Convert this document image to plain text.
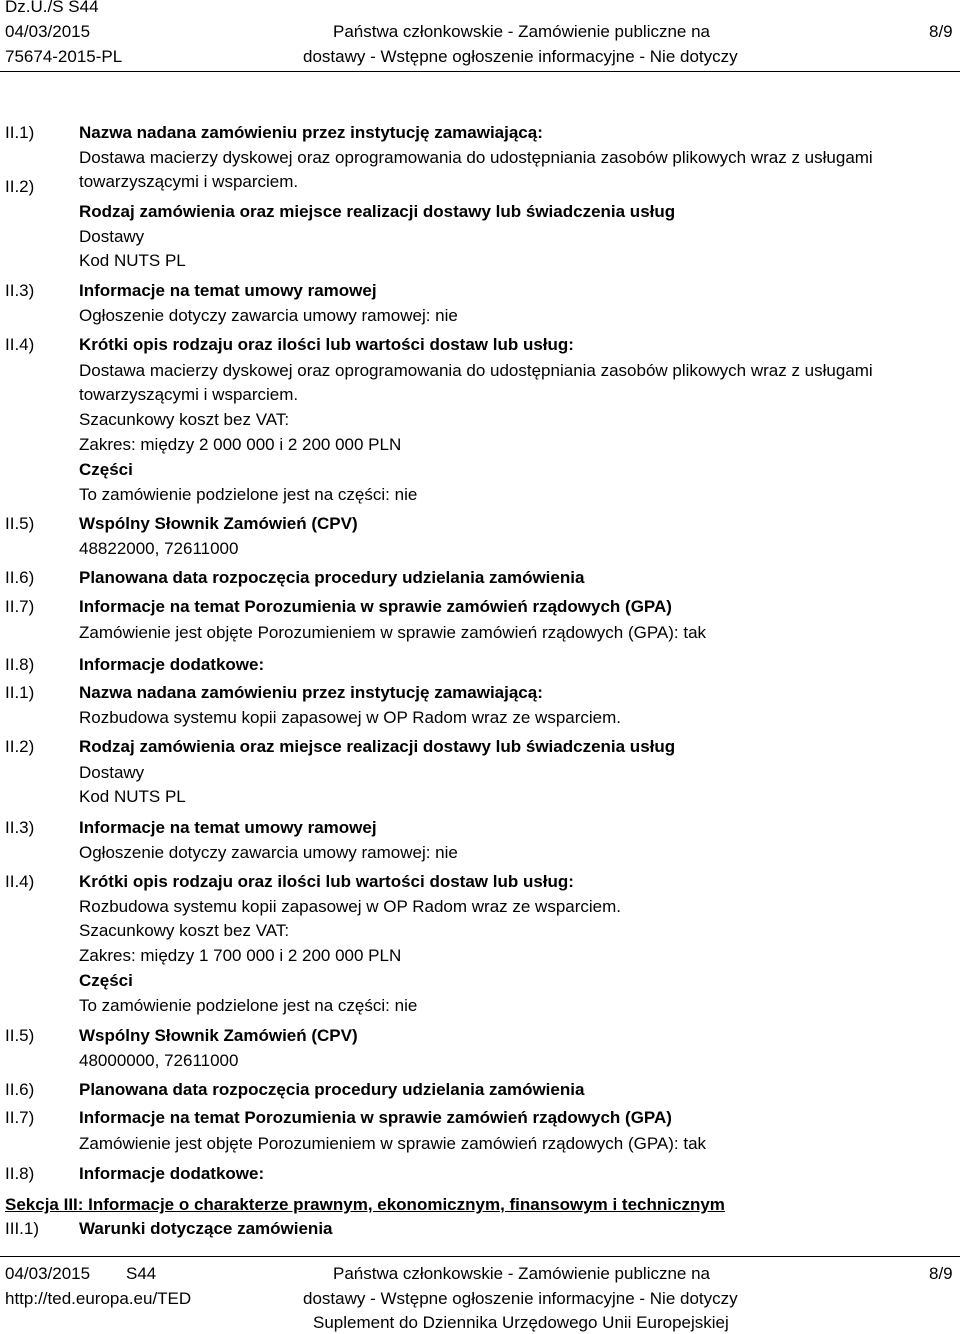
Dz.U./S S44
04/03/2015
75674-2015-PL
Państwa członkowskie - Zamówienie publiczne na
dostawy - Wstępne ogłoszenie informacyjne - Nie dotyczy
8/9
II.1)
II.2)
II.3)
II.4)
II.5)
II.6)
II.7)
II.8)
II.1)
II.2)
II.3)
II.4)
II.5)
II.6)
II.7)
II.8)
III.1)
Nazwa nadana zamówieniu przez instytucję zamawiającą:
Dostawa macierzy dyskowej oraz oprogramowania do udostępniania zasobów plikowych wraz z usługami
towarzyszącymi i wsparciem.
Rodzaj zamówienia oraz miejsce realizacji dostawy lub świadczenia usług
Dostawy
Kod NUTS PL
Informacje na temat umowy ramowej
Ogłoszenie dotyczy zawarcia umowy ramowej: nie
Krótki opis rodzaju oraz ilości lub wartości dostaw lub usług:
Dostawa macierzy dyskowej oraz oprogramowania do udostępniania zasobów plikowych wraz z usługami
towarzyszącymi i wsparciem.
Szacunkowy koszt bez VAT:
Zakres: między 2 000 000 i 2 200 000 PLN
Części
To zamówienie podzielone jest na części: nie
Wspólny Słownik Zamówień (CPV)
48822000, 72611000
Planowana data rozpoczęcia procedury udzielania zamówienia
Informacje na temat Porozumienia w sprawie zamówień rządowych (GPA)
Zamówienie jest objęte Porozumieniem w sprawie zamówień rządowych (GPA): tak
Informacje dodatkowe:
Nazwa nadana zamówieniu przez instytucję zamawiającą:
Rozbudowa systemu kopii zapasowej w OP Radom wraz ze wsparciem.
Rodzaj zamówienia oraz miejsce realizacji dostawy lub świadczenia usług
Dostawy
Kod NUTS PL
Informacje na temat umowy ramowej
Ogłoszenie dotyczy zawarcia umowy ramowej: nie
Krótki opis rodzaju oraz ilości lub wartości dostaw lub usług:
Rozbudowa systemu kopii zapasowej w OP Radom wraz ze wsparciem.
Szacunkowy koszt bez VAT:
Zakres: między 1 700 000 i 2 200 000 PLN
Części
To zamówienie podzielone jest na części: nie
Wspólny Słownik Zamówień (CPV)
48000000, 72611000
Planowana data rozpoczęcia procedury udzielania zamówienia
Informacje na temat Porozumienia w sprawie zamówień rządowych (GPA)
Zamówienie jest objęte Porozumieniem w sprawie zamówień rządowych (GPA): tak
Informacje dodatkowe:
Sekcja III: Informacje o charakterze prawnym, ekonomicznym, finansowym i technicznym
Warunki dotyczące zamówienia
04/03/2015 S44
http://ted.europa.eu/TED
Państwa członkowskie - Zamówienie publiczne na
dostawy - Wstępne ogłoszenie informacyjne - Nie dotyczy
Suplement do Dziennika Urzędowego Unii Europejskiej
8/9
